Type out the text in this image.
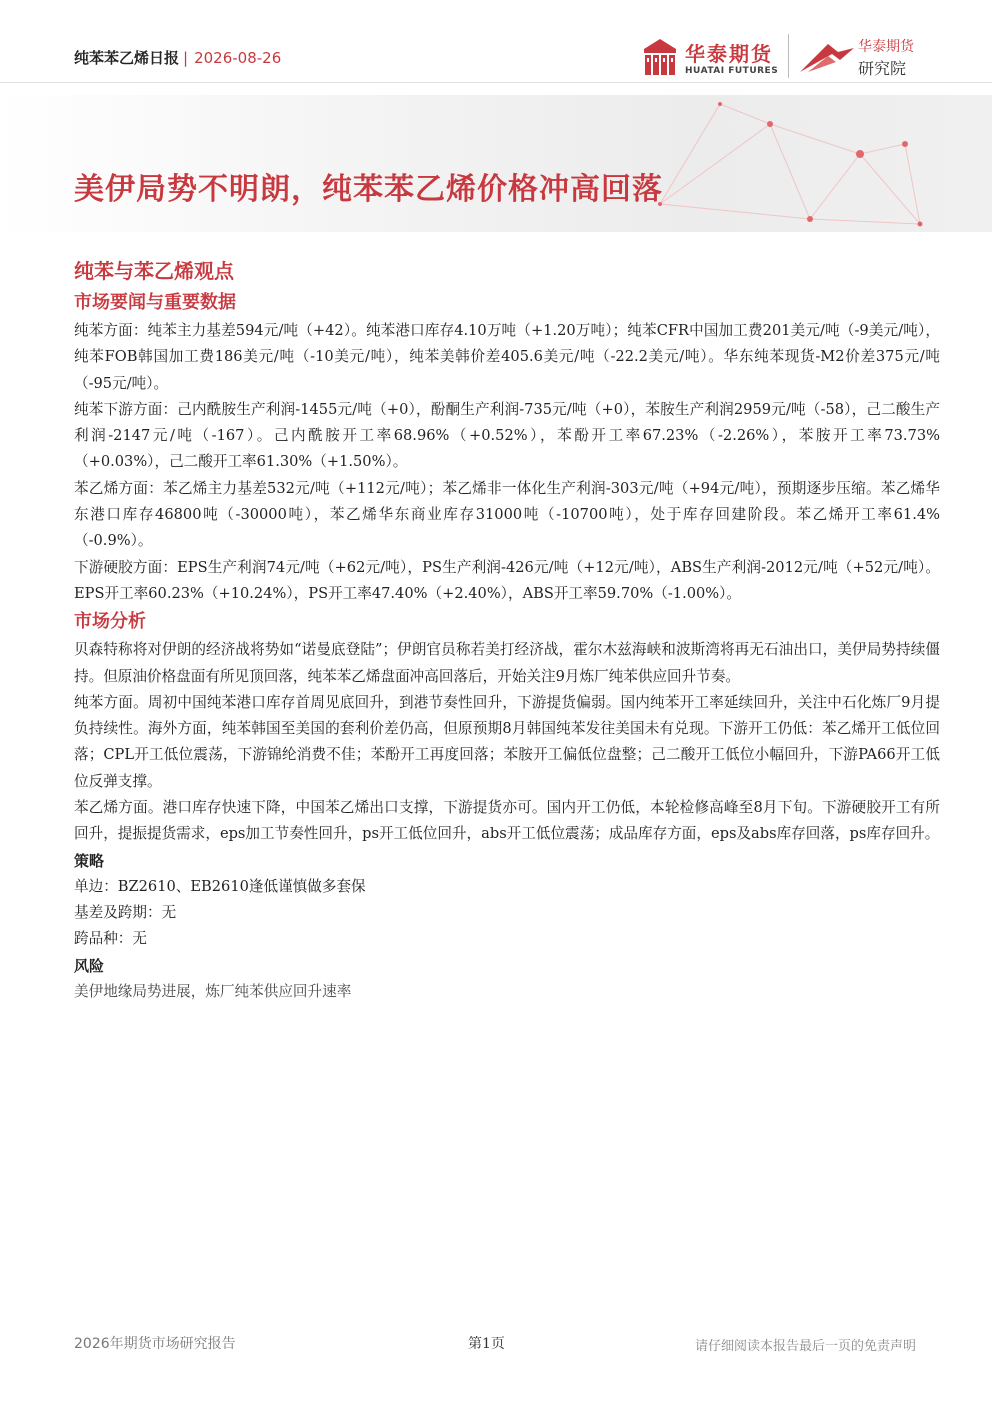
纯苯苯乙烯日报 | 2026-08-26	华泰期货
HUATAI FUTURES
华泰期货
研究院
美伊局势不明朗，纯苯苯乙烯价格冲高回落
纯苯与苯乙烯观点
市场要闻与重要数据

纯苯方面：纯苯主力基差594元/吨（+42）。纯苯港口库存4.10万吨（+1.20万吨）；纯苯CFR中国加工费201美元/吨（-9美元/吨），纯苯FOB韩国加工费186美元/吨（-10美元/吨），纯苯美韩价差405.6美元/吨（-22.2美元/吨）。华东纯苯现货-M2价差375元/吨（-95元/吨）。

纯苯下游方面：己内酰胺生产利润-1455元/吨（+0），酚酮生产利润-735元/吨（+0），苯胺生产利润2959元/吨（-58），己二酸生产利润-2147元/吨（-167）。己内酰胺开工率68.96%（+0.52%），苯酚开工率67.23%（-2.26%），苯胺开工率73.73%（+0.03%），己二酸开工率61.30%（+1.50%）。

苯乙烯方面：苯乙烯主力基差532元/吨（+112元/吨）；苯乙烯非一体化生产利润-303元/吨（+94元/吨），预期逐步压缩。苯乙烯华东港口库存46800吨（-30000吨），苯乙烯华东商业库存31000吨（-10700吨），处于库存回建阶段。苯乙烯开工率61.4%（-0.9%）。

下游硬胶方面：EPS生产利润74元/吨（+62元/吨），PS生产利润-426元/吨（+12元/吨），ABS生产利润-2012元/吨（+52元/吨）。EPS开工率60.23%（+10.24%），PS开工率47.40%（+2.40%），ABS开工率59.70%（-1.00%）。

市场分析

贝森特称将对伊朗的经济战将势如“诺曼底登陆”；伊朗官员称若美打经济战，霍尔木兹海峡和波斯湾将再无石油出口，美伊局势持续僵持。但原油价格盘面有所见顶回落，纯苯苯乙烯盘面冲高回落后，开始关注9月炼厂纯苯供应回升节奏。

纯苯方面。周初中国纯苯港口库存首周见底回升，到港节奏性回升，下游提货偏弱。国内纯苯开工率延续回升，关注中石化炼厂9月提负持续性。海外方面，纯苯韩国至美国的套利价差仍高，但原预期8月韩国纯苯发往美国未有兑现。下游开工仍低：苯乙烯开工低位回落；CPL开工低位震荡，下游锦纶消费不佳；苯酚开工再度回落；苯胺开工偏低位盘整；己二酸开工低位小幅回升，下游PA66开工低位反弹支撑。

苯乙烯方面。港口库存快速下降，中国苯乙烯出口支撑，下游提货亦可。国内开工仍低，本轮检修高峰至8月下旬。下游硬胶开工有所回升，提振提货需求，eps加工节奏性回升，ps开工低位回升，abs开工低位震荡；成品库存方面，eps及abs库存回落，ps库存回升。

策略

单边：BZ2610、EB2610逢低谨慎做多套保

基差及跨期：无

跨品种：无

风险

美伊地缘局势进展，炼厂纯苯供应回升速率

2026年期货市场研究报告	第1页	请仔细阅读本报告最后一页的免责声明
